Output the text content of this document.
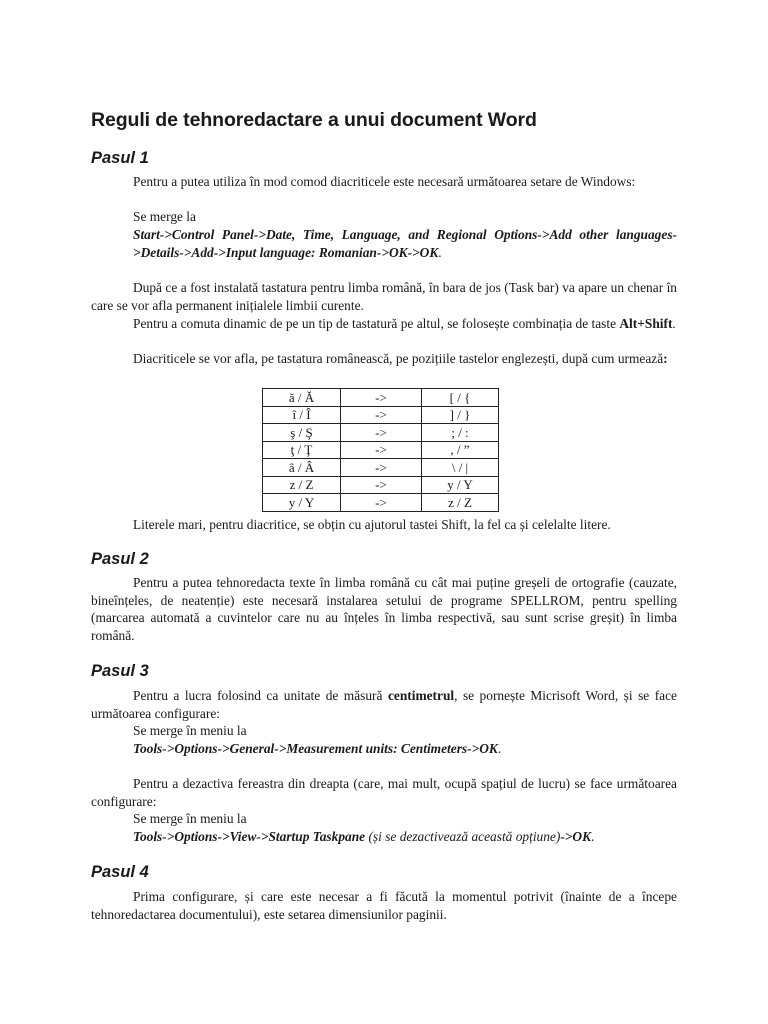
Reguli de tehnoredactare a unui document Word
Pasul 1

Pentru a putea utiliza în mod comod diacriticele este necesară următoarea setare de Windows:

Se merge la

Start->Control Panel->Date, Time, Language, and Regional Options->Add other languages->Details->Add->Input language: Romanian->OK->OK.

După ce a fost instalată tastatura pentru limba română, în bara de jos (Task bar) va apare un chenar în care se vor afla permanent inițialele limbii curente.

Pentru a comuta dinamic de pe un tip de tastatură pe altul, se folosește combinația de taste Alt+Shift.

Diacriticele se vor afla, pe tastatura românească, pe pozițiile tastelor englezești, după cum urmează:

ă / Ă	->	[ / {
î / Î	->	] / }
ş / Ş	->	; / :
ţ / Ţ	->	, / ”
â / Â	->	\ / |
z / Z	->	y / Y
y / Y	->	z / Z

Literele mari, pentru diacritice, se obțin cu ajutorul tastei Shift, la fel ca și celelalte litere.

Pasul 2

Pentru a putea tehnoredacta texte în limba română cu cât mai puține greșeli de ortografie (cauzate, bineînțeles, de neatenție) este necesară instalarea setului de programe SPELLROM, pentru spelling (marcarea automată a cuvintelor care nu au înțeles în limba respectivă, sau sunt scrise greșit) în limba română.

Pasul 3

Pentru a lucra folosind ca unitate de măsură centimetrul, se pornește Micrisoft Word, și se face următoarea configurare:

Se merge în meniu la

Tools->Options->General->Measurement units: Centimeters->OK.

Pentru a dezactiva fereastra din dreapta (care, mai mult, ocupă spațiul de lucru) se face următoarea configurare:

Se merge în meniu la

Tools->Options->View->Startup Taskpane (și se dezactivează această opțiune)->OK.

Pasul 4

Prima configurare, și care este necesar a fi făcută la momentul potrivit (înainte de a începe tehnoredactarea documentului), este setarea dimensiunilor paginii.
